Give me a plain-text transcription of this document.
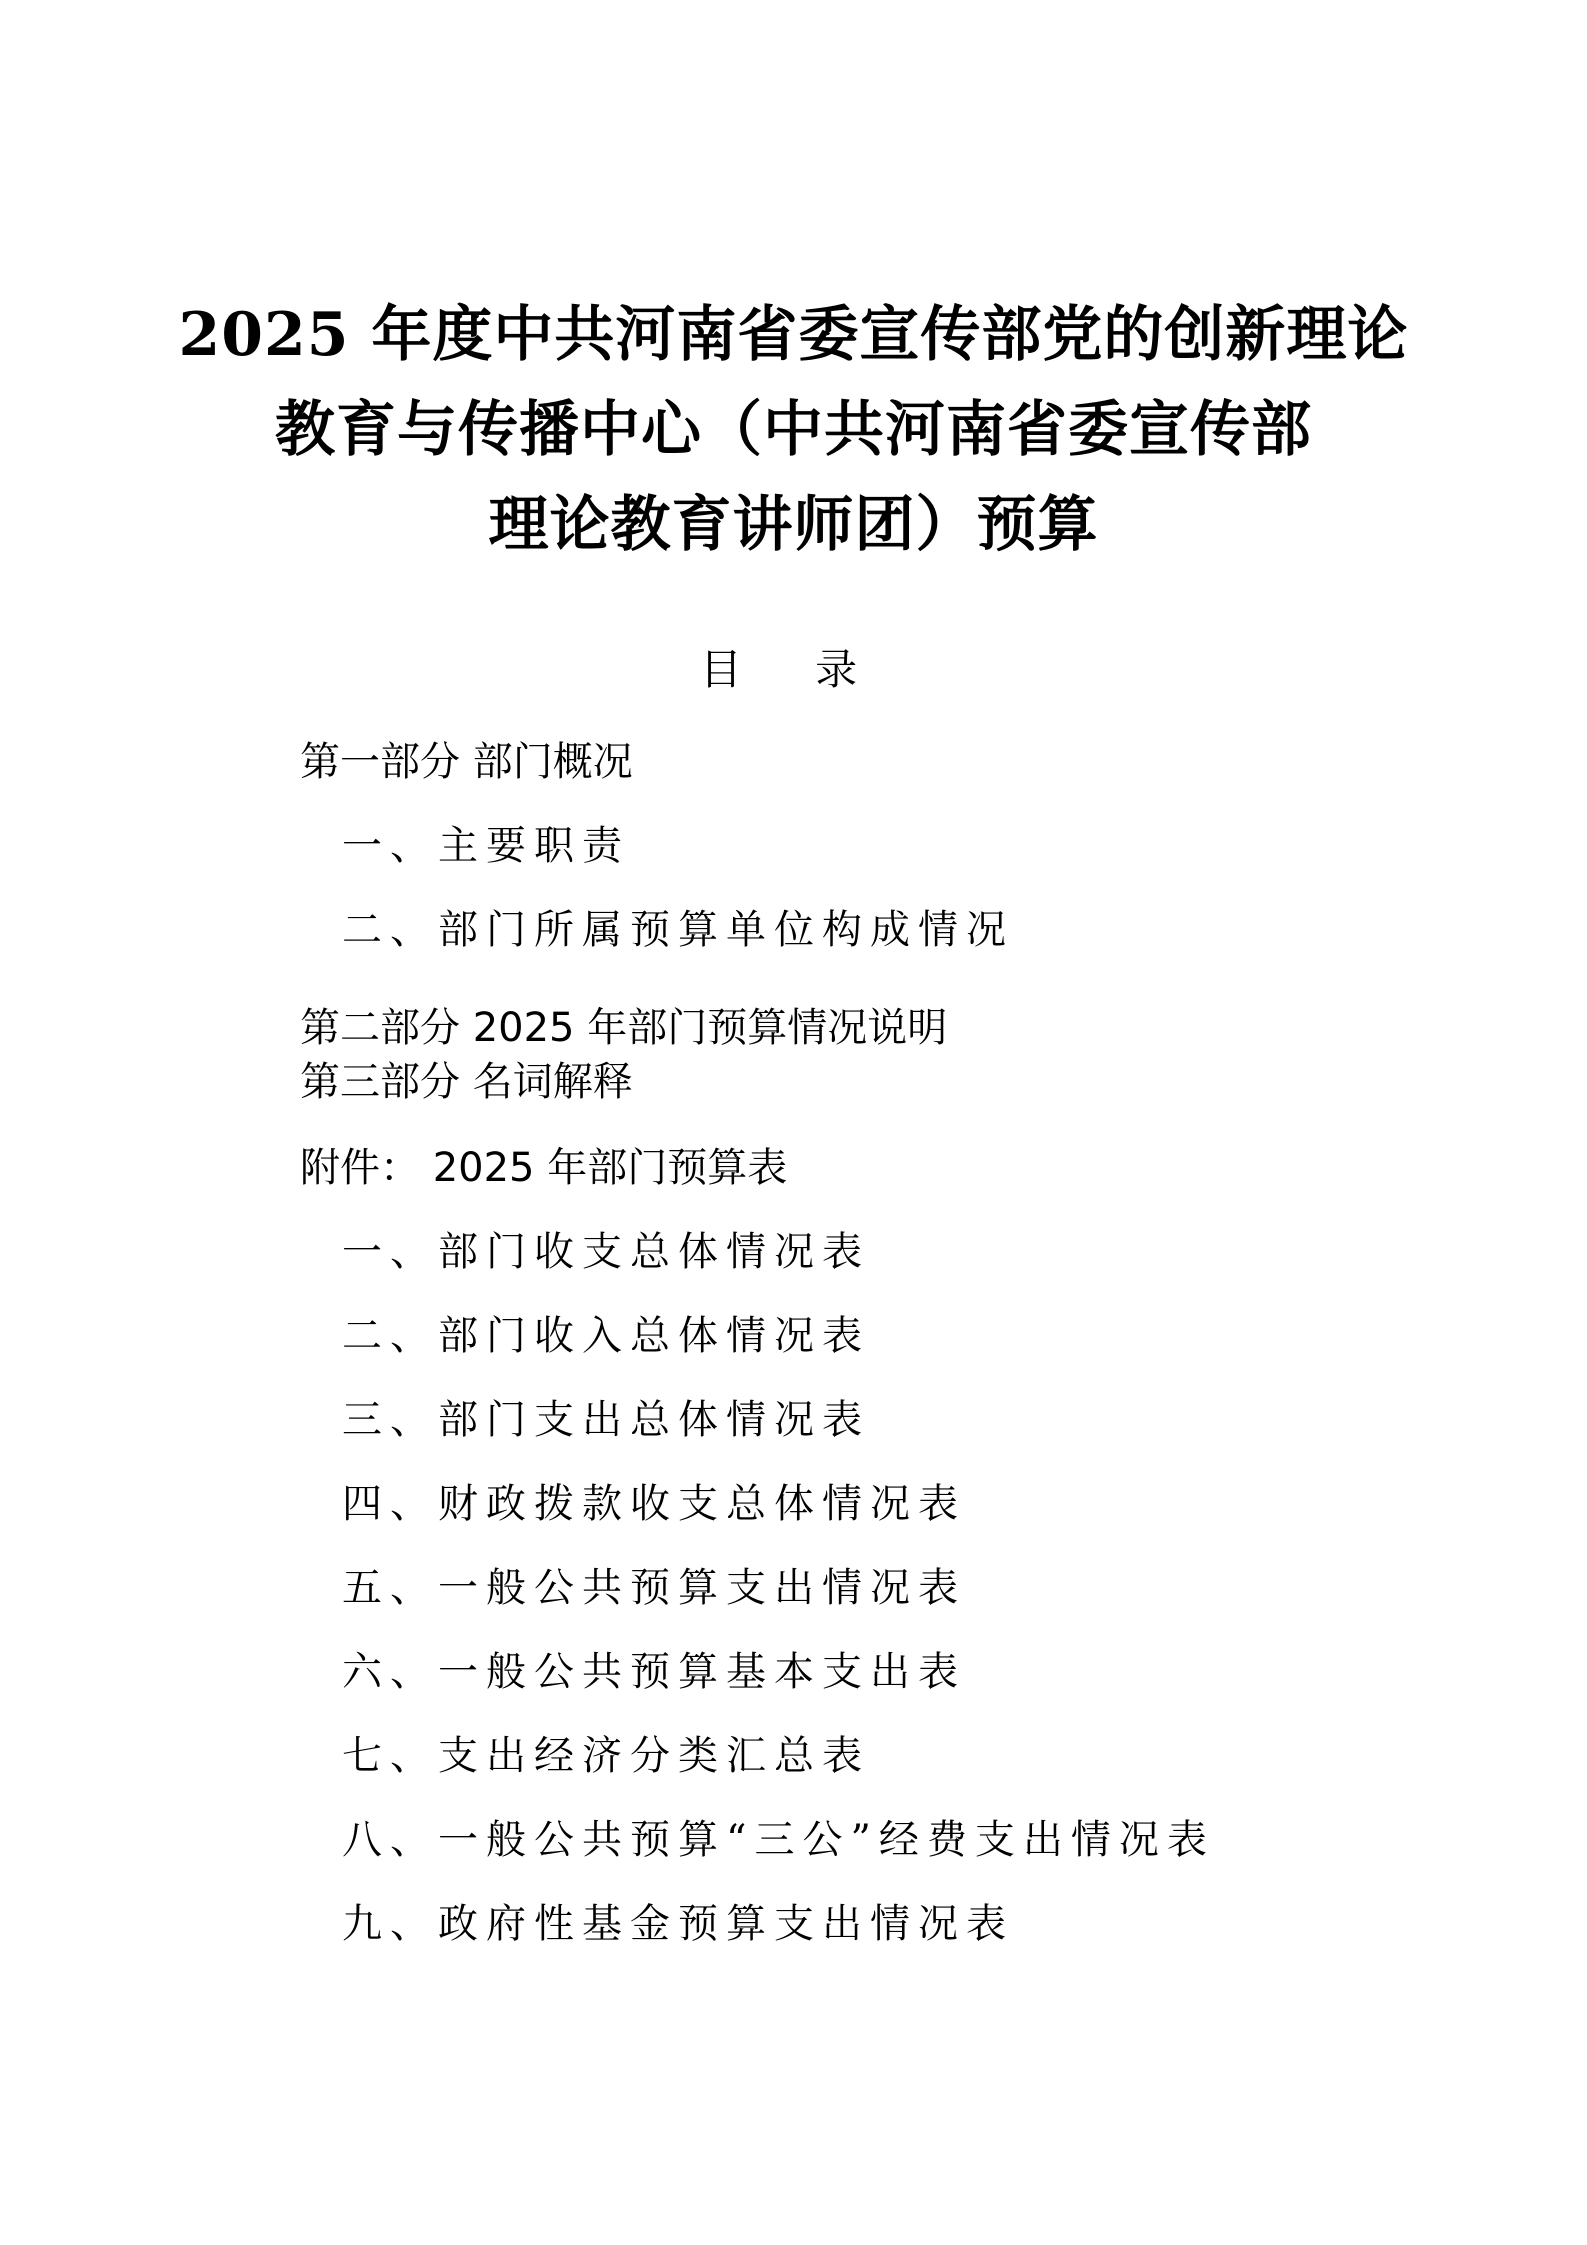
2025 年度中共河南省委宣传部党的创新理论
教育与传播中心（中共河南省委宣传部
理论教育讲师团）预算
目 录
第一部分 部门概况
一、主要职责
二、部门所属预算单位构成情况
第二部分 2025 年部门预算情况说明
第三部分 名词解释
附件： 2025 年部门预算表
一、部门收支总体情况表
二、部门收入总体情况表
三、部门支出总体情况表
四、财政拨款收支总体情况表
五、一般公共预算支出情况表
六、一般公共预算基本支出表
七、支出经济分类汇总表
八、一般公共预算“三公”经费支出情况表
九、政府性基金预算支出情况表
